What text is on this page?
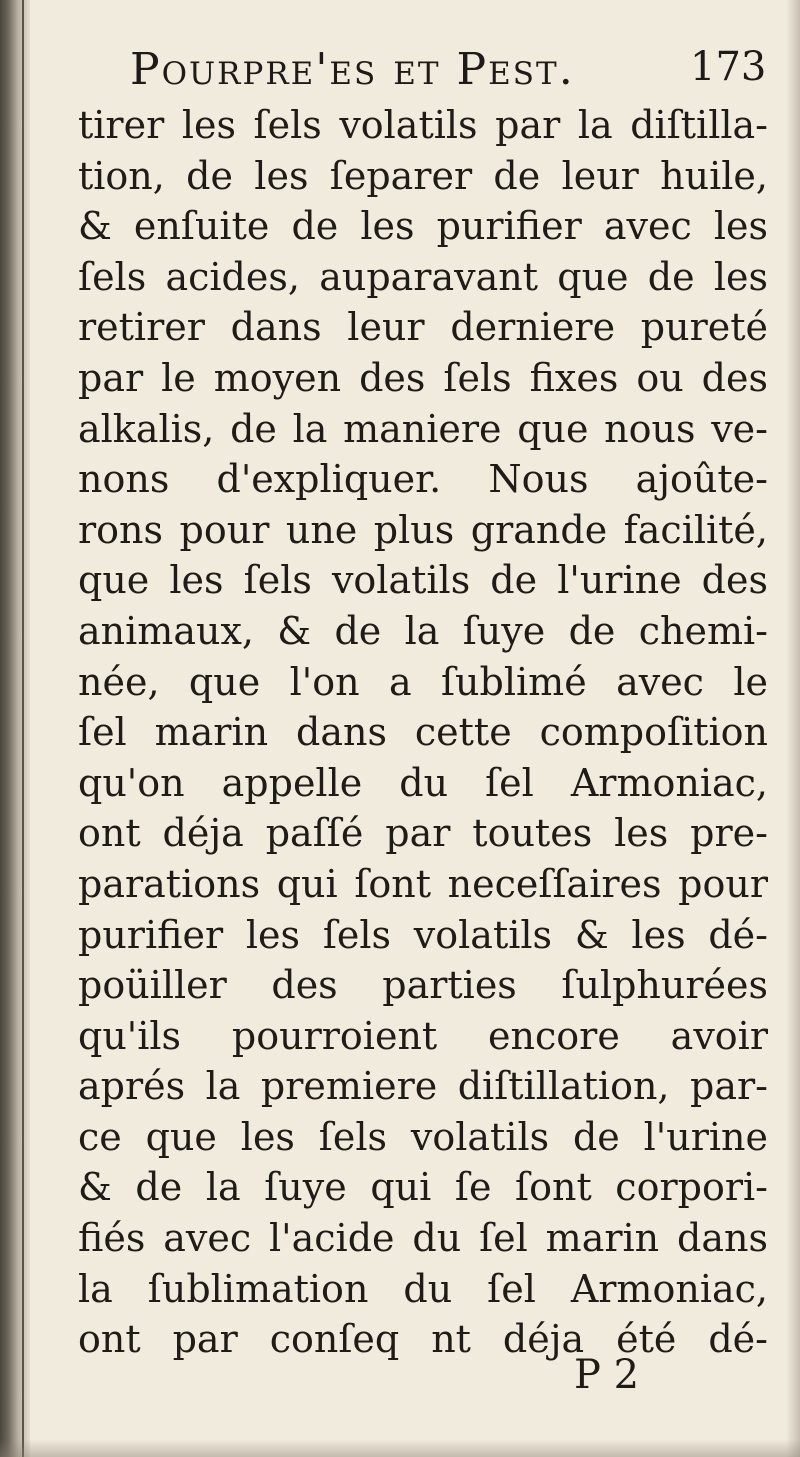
Pourpre'es et Pest.	173
tirer les ſels volatils par la diſtilla-
tion, de les ſeparer de leur huile,
& enſuite de les purifier avec les
ſels acides, auparavant que de les
retirer dans leur derniere pureté
par le moyen des ſels fixes ou des
alkalis, de la maniere que nous ve-
nons d'expliquer. Nous ajoûte-
rons pour une plus grande facilité,
que les ſels volatils de l'urine des
animaux, & de la ſuye de chemi-
née, que l'on a ſublimé avec le
ſel marin dans cette compoſition
qu'on appelle du ſel Armoniac,
ont déja paſſé par toutes les pre-
parations qui ſont neceſſaires pour
purifier les ſels volatils & les dé-
poüiller des parties ſulphurées
qu'ils pourroient encore avoir
aprés la premiere diſtillation, par-
ce que les ſels volatils de l'urine
& de la ſuye qui ſe ſont corpori-
fiés avec l'acide du ſel marin dans
la ſublimation du ſel Armoniac,
ont par conſeq nt déja été dé-
P 2
